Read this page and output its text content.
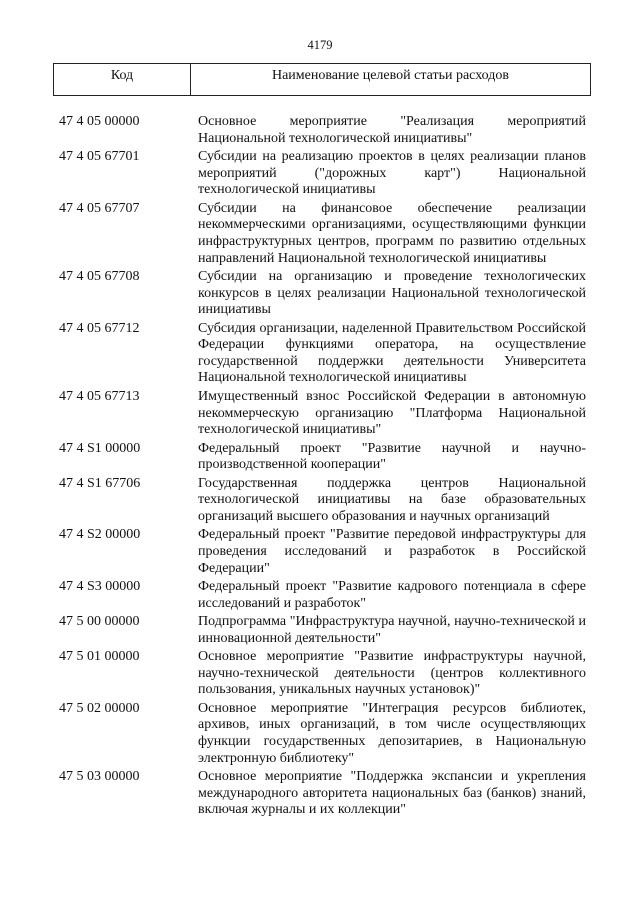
4179
Код	Наименование целевой статьи расходов
47 4 05 00000	Основное мероприятие "Реализация мероприятий Национальной технологической инициативы"
47 4 05 67701	Субсидии на реализацию проектов в целях реализации планов мероприятий ("дорожных карт") Национальной технологической инициативы
47 4 05 67707	Субсидии на финансовое обеспечение реализации некоммерческими организациями, осуществляющими функции инфраструктурных центров, программ по развитию отдельных направлений Национальной технологической инициативы
47 4 05 67708	Субсидии на организацию и проведение технологических конкурсов в целях реализации Национальной технологической инициативы
47 4 05 67712	Субсидия организации, наделенной Правительством Российской Федерации функциями оператора, на осуществление государственной поддержки деятельности Университета Национальной технологической инициативы
47 4 05 67713	Имущественный взнос Российской Федерации в автономную некоммерческую организацию "Платформа Национальной технологической инициативы"
47 4 S1 00000	Федеральный проект "Развитие научной и научно-производственной кооперации"
47 4 S1 67706	Государственная поддержка центров Национальной технологической инициативы на базе образовательных организаций высшего образования и научных организаций
47 4 S2 00000	Федеральный проект "Развитие передовой инфраструктуры для проведения исследований и разработок в Российской Федерации"
47 4 S3 00000	Федеральный проект "Развитие кадрового потенциала в сфере исследований и разработок"
47 5 00 00000	Подпрограмма "Инфраструктура научной, научно-технической и инновационной деятельности"
47 5 01 00000	Основное мероприятие "Развитие инфраструктуры научной, научно-технической деятельности (центров коллективного пользования, уникальных научных установок)"
47 5 02 00000	Основное мероприятие "Интеграция ресурсов библиотек, архивов, иных организаций, в том числе осуществляющих функции государственных депозитариев, в Национальную электронную библиотеку"
47 5 03 00000	Основное мероприятие "Поддержка экспансии и укрепления международного авторитета национальных баз (банков) знаний, включая журналы и их коллекции"
